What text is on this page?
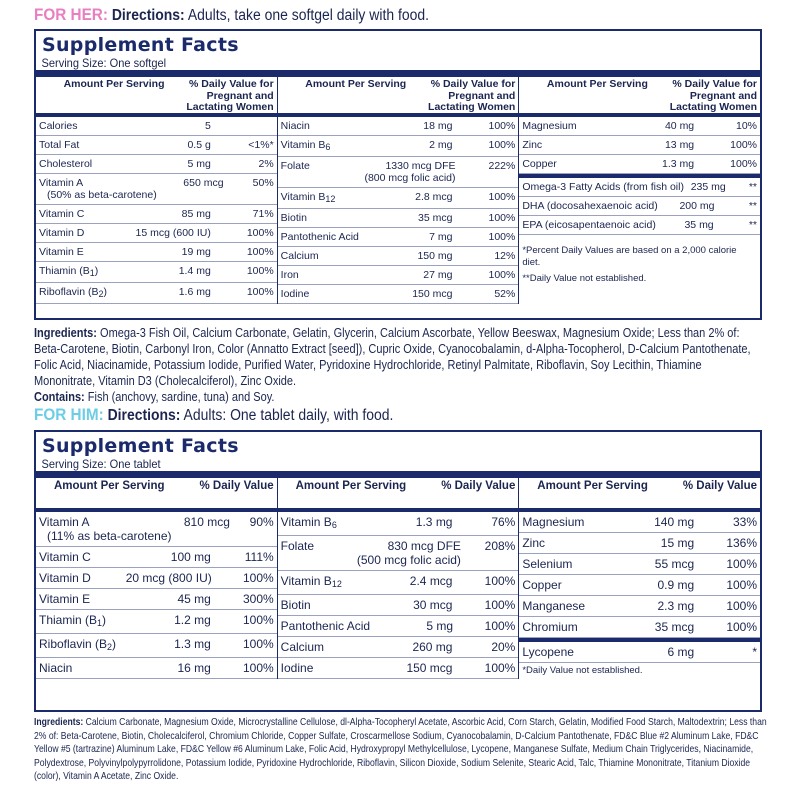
FOR HER: Directions: Adults, take one softgel daily with food.
Supplement Facts
Serving Size: One softgel
Amount Per Serving	% Daily Value for Pregnant and Lactating Women
Calories	5
Total Fat	0.5 g	<1%*
Cholesterol	5 mg	2%
Vitamin A
(50% as beta-carotene)
650 mcg	50%
Vitamin C	85 mg	71%
Vitamin D	15 mcg (600 IU)	100%
Vitamin E	19 mg	100%
Thiamin (B1)	1.4 mg	100%
Riboflavin (B2)	1.6 mg	100%
Amount Per Serving	% Daily Value for Pregnant and Lactating Women
Niacin	18 mg	100%
Vitamin B6	2 mg	100%
Folate	1330 mcg DFE
(800 mcg folic acid)
222%
Vitamin B12	2.8 mcg	100%
Biotin	35 mcg	100%
Pantothenic Acid	7 mg	100%
Calcium	150 mg	12%
Iron	27 mg	100%
Iodine	150 mcg	52%
Amount Per Serving	% Daily Value for Pregnant and Lactating Women
Magnesium	40 mg	10%
Zinc	13 mg	100%
Copper	1.3 mg	100%
Omega-3 Fatty Acids (from fish oil) 235 mg	**
DHA (docosahexaenoic acid)	200 mg	**
EPA (eicosapentaenoic acid)	35 mg	**
*Percent Daily Values are based on a 2,000 calorie diet.
**Daily Value not established.
Ingredients: Omega-3 Fish Oil, Calcium Carbonate, Gelatin, Glycerin, Calcium Ascorbate, Yellow Beeswax, Magnesium Oxide; Less than 2% of: Beta-Carotene, Biotin, Carbonyl Iron, Color (Annatto Extract [seed]), Cupric Oxide, Cyanocobalamin, d-Alpha-Tocopherol, D-Calcium Pantothenate, Folic Acid, Niacinamide, Potassium Iodide, Purified Water, Pyridoxine Hydrochloride, Retinyl Palmitate, Riboflavin, Soy Lecithin, Thiamine Mononitrate, Vitamin D3 (Cholecalciferol), Zinc Oxide.
Contains: Fish (anchovy, sardine, tuna) and Soy.
FOR HIM: Directions: Adults: One tablet daily, with food.
Supplement Facts
Serving Size: One tablet
Amount Per Serving	% Daily Value
Vitamin A
(11% as beta-carotene)
810 mcg	90%
Vitamin C	100 mg	111%
Vitamin D	20 mcg (800 IU)	100%
Vitamin E	45 mg	300%
Thiamin $(B_1)$	1.2 mg	100%
Riboflavin $(B_2)$	1.3 mg	100%
Niacin	16 mg	100%
Amount Per Serving	% Daily Value
Vitamin $B_6$	1.3 mg	76%
Folate	830 mcg DFE
(500 mcg folic acid)
208%
Vitamin $B_{12}$	2.4 mcg	100%
Biotin	30 mcg	100%
Pantothenic Acid	5 mg	100%
Calcium	260 mg	20%
Iodine	150 mcg	100%
Amount Per Serving	% Daily Value
Magnesium	140 mg	33%
Zinc	15 mg	136%
Selenium	55 mcg	100%
Copper	0.9 mg	100%
Manganese	2.3 mg	100%
Chromium	35 mcg	100%
Lycopene	6 mg	*
*Daily Value not established.
Ingredients: Calcium Carbonate, Magnesium Oxide, Microcrystalline Cellulose, dl-Alpha-Tocopheryl Acetate, Ascorbic Acid, Corn Starch, Gelatin, Modified Food Starch, Maltodextrin; Less than 2% of: Beta-Carotene, Biotin, Cholecalciferol, Chromium Chloride, Copper Sulfate, Croscarmellose Sodium, Cyanocobalamin, D-Calcium Pantothenate, FD&C Blue #2 Aluminum Lake, FD&C Yellow #5 (tartrazine) Aluminum Lake, FD&C Yellow #6 Aluminum Lake, Folic Acid, Hydroxypropyl Methylcellulose, Lycopene, Manganese Sulfate, Medium Chain Triglycerides, Niacinamide, Polydextrose, Polyvinylpolypyrrolidone, Potassium Iodide, Pyridoxine Hydrochloride, Riboflavin, Silicon Dioxide, Sodium Selenite, Stearic Acid, Talc, Thiamine Mononitrate, Titanium Dioxide (color), Vitamin A Acetate, Zinc Oxide.
